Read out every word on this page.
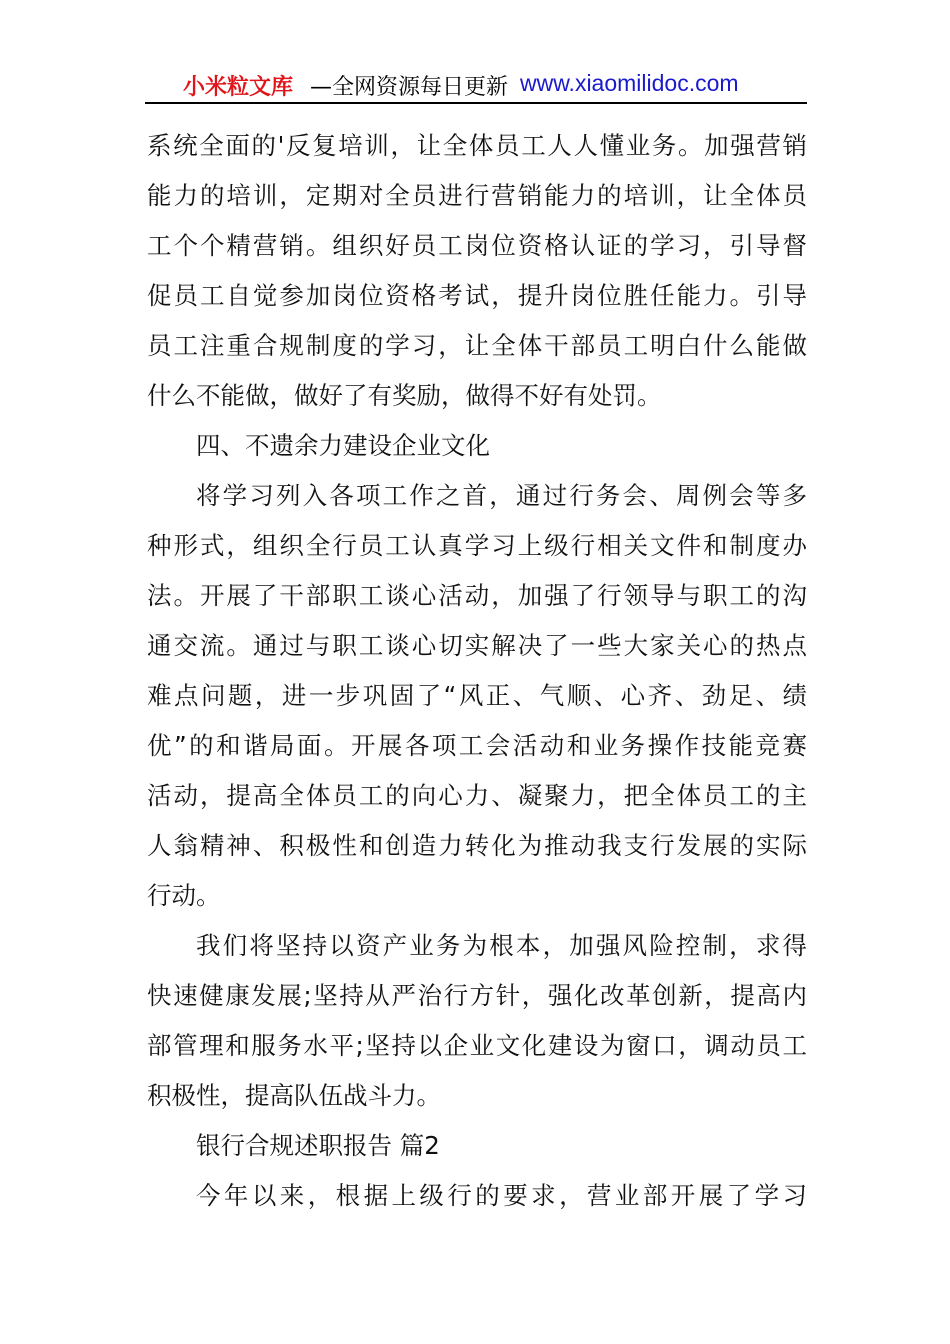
小米粒文库 —全网资源每日更新 www.xiaomilidoc.com
系统全面的'反复培训，让全体员工人人懂业务。加强营销
能力的培训，定期对全员进行营销能力的培训，让全体员
工个个精营销。组织好员工岗位资格认证的学习，引导督
促员工自觉参加岗位资格考试，提升岗位胜任能力。引导
员工注重合规制度的学习，让全体干部员工明白什么能做
什么不能做，做好了有奖励，做得不好有处罚。
四、不遗余力建设企业文化
将学习列入各项工作之首，通过行务会、周例会等多
种形式，组织全行员工认真学习上级行相关文件和制度办
法。开展了干部职工谈心活动，加强了行领导与职工的沟
通交流。通过与职工谈心切实解决了一些大家关心的热点
难点问题，进一步巩固了“风正、气顺、心齐、劲足、绩
优”的和谐局面。开展各项工会活动和业务操作技能竞赛
活动，提高全体员工的向心力、凝聚力，把全体员工的主
人翁精神、积极性和创造力转化为推动我支行发展的实际
行动。
我们将坚持以资产业务为根本，加强风险控制，求得
快速健康发展;坚持从严治行方针，强化改革创新，提高内
部管理和服务水平;坚持以企业文化建设为窗口，调动员工
积极性，提高队伍战斗力。
银行合规述职报告 篇2
今年以来，根据上级行的要求，营业部开展了学习
